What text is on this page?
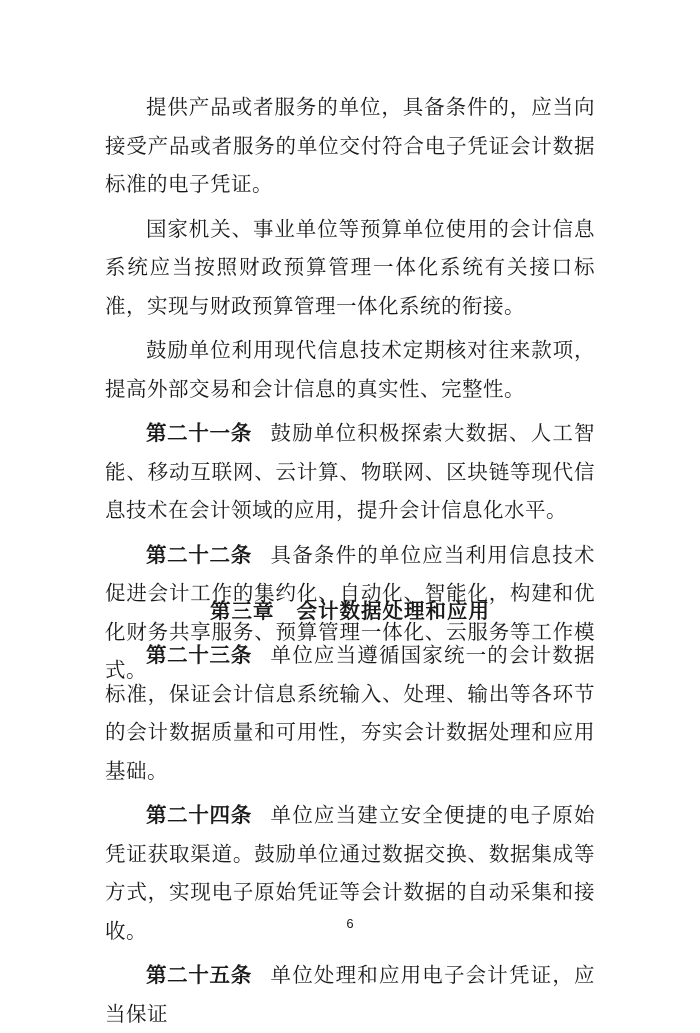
提供产品或者服务的单位，具备条件的，应当向接受产品或者服务的单位交付符合电子凭证会计数据标准的电子凭证。

国家机关、事业单位等预算单位使用的会计信息系统应当按照财政预算管理一体化系统有关接口标准，实现与财政预算管理一体化系统的衔接。

鼓励单位利用现代信息技术定期核对往来款项，提高外部交易和会计信息的真实性、完整性。

第二十一条 鼓励单位积极探索大数据、人工智能、移动互联网、云计算、物联网、区块链等现代信息技术在会计领域的应用，提升会计信息化水平。

第二十二条 具备条件的单位应当利用信息技术促进会计工作的集约化、自动化、智能化，构建和优化财务共享服务、预算管理一体化、云服务等工作模式。

第三章 会计数据处理和应用

第二十三条 单位应当遵循国家统一的会计数据标准，保证会计信息系统输入、处理、输出等各环节的会计数据质量和可用性，夯实会计数据处理和应用基础。

第二十四条 单位应当建立安全便捷的电子原始凭证获取渠道。鼓励单位通过数据交换、数据集成等方式，实现电子原始凭证等会计数据的自动采集和接收。

第二十五条 单位处理和应用电子会计凭证，应当保证

6
